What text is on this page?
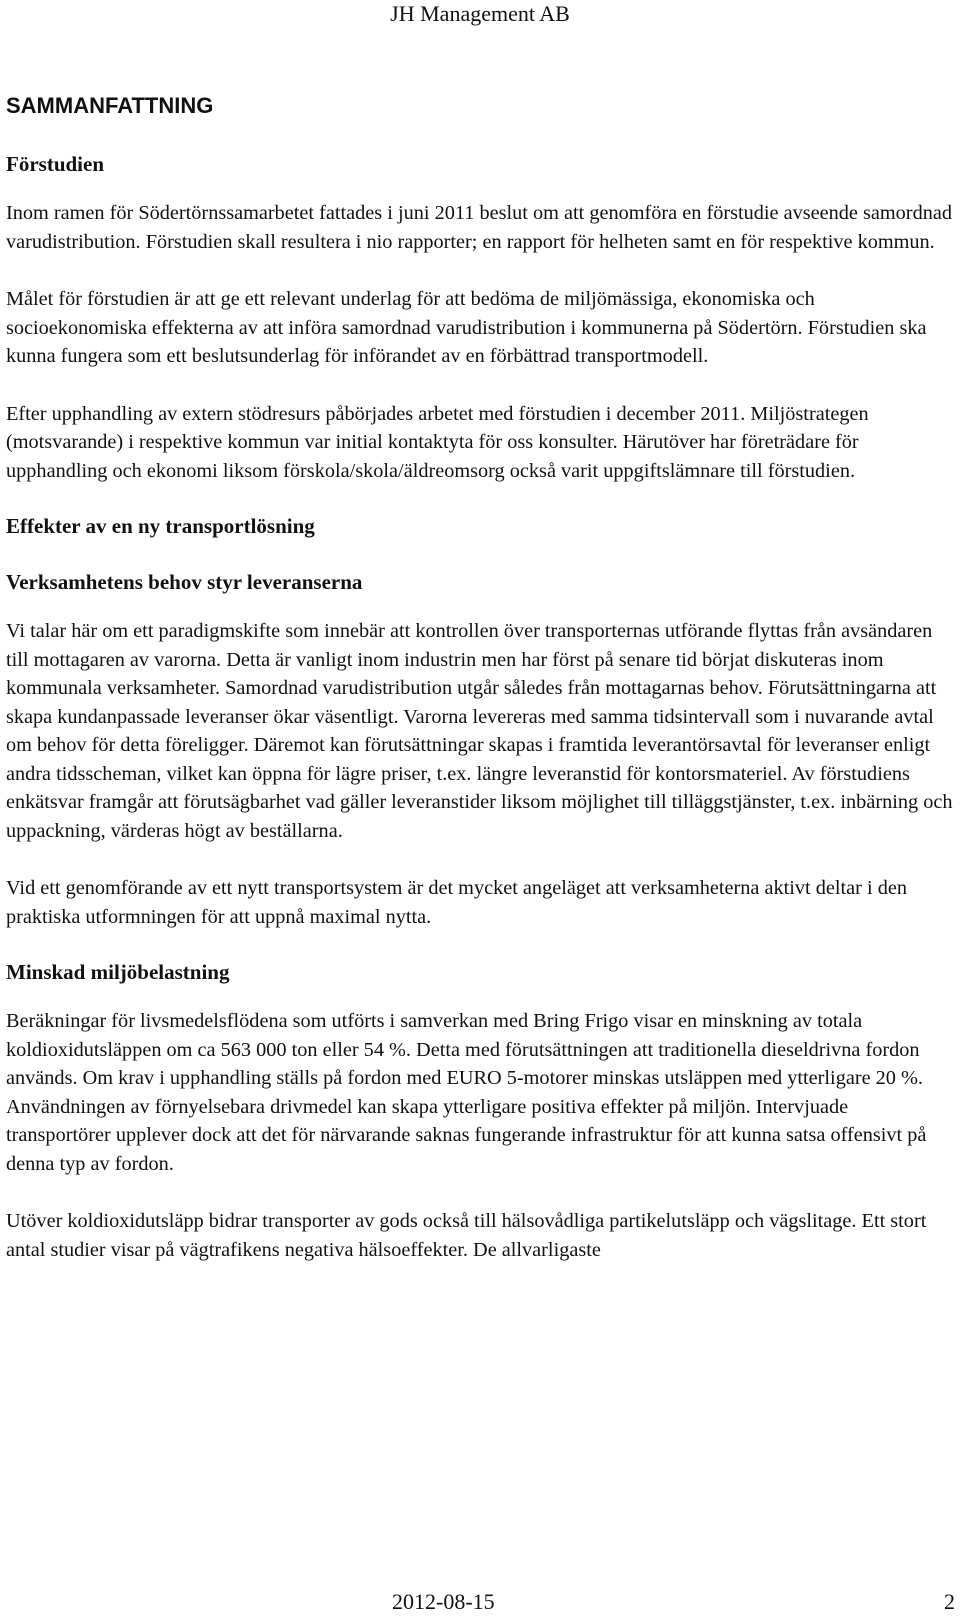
JH Management AB
SAMMANFATTNING
Förstudien

Inom ramen för Södertörnssamarbetet fattades i juni 2011 beslut om att genomföra en förstudie avseende samordnad varudistribution. Förstudien skall resultera i nio rapporter; en rapport för helheten samt en för respektive kommun.

Målet för förstudien är att ge ett relevant underlag för att bedöma de miljömässiga, ekonomiska och socioekonomiska effekterna av att införa samordnad varudistribution i kommunerna på Södertörn. Förstudien ska kunna fungera som ett beslutsunderlag för införandet av en förbättrad transportmodell.

Efter upphandling av extern stödresurs påbörjades arbetet med förstudien i december 2011. Miljöstrategen (motsvarande) i respektive kommun var initial kontaktyta för oss konsulter. Härutöver har företrädare för upphandling och ekonomi liksom förskola/skola/äldreomsorg också varit uppgiftslämnare till förstudien.

Effekter av en ny transportlösning
Verksamhetens behov styr leveranserna

Vi talar här om ett paradigmskifte som innebär att kontrollen över transporternas utförande flyttas från avsändaren till mottagaren av varorna. Detta är vanligt inom industrin men har först på senare tid börjat diskuteras inom kommunala verksamheter. Samordnad varudistribution utgår således från mottagarnas behov. Förutsättningarna att skapa kundanpassade leveranser ökar väsentligt. Varorna levereras med samma tidsintervall som i nuvarande avtal om behov för detta föreligger. Däremot kan förutsättningar skapas i framtida leverantörsavtal för leveranser enligt andra tidsscheman, vilket kan öppna för lägre priser, t.ex. längre leveranstid för kontorsmateriel. Av förstudiens enkätsvar framgår att förutsägbarhet vad gäller leveranstider liksom möjlighet till tilläggstjänster, t.ex. inbärning och uppackning, värderas högt av beställarna.

Vid ett genomförande av ett nytt transportsystem är det mycket angeläget att verksamheterna aktivt deltar i den praktiska utformningen för att uppnå maximal nytta.

Minskad miljöbelastning

Beräkningar för livsmedelsflödena som utförts i samverkan med Bring Frigo visar en minskning av totala koldioxidutsläppen om ca 563 000 ton eller 54 %. Detta med förutsättningen att traditionella dieseldrivna fordon används. Om krav i upphandling ställs på fordon med EURO 5-motorer minskas utsläppen med ytterligare 20 %. Användningen av förnyelsebara drivmedel kan skapa ytterligare positiva effekter på miljön. Intervjuade transportörer upplever dock att det för närvarande saknas fungerande infrastruktur för att kunna satsa offensivt på denna typ av fordon.

Utöver koldioxidutsläpp bidrar transporter av gods också till hälsovådliga partikelutsläpp och vägslitage. Ett stort antal studier visar på vägtrafikens negativa hälsoeffekter. De allvarligaste

2012-08-15	2
